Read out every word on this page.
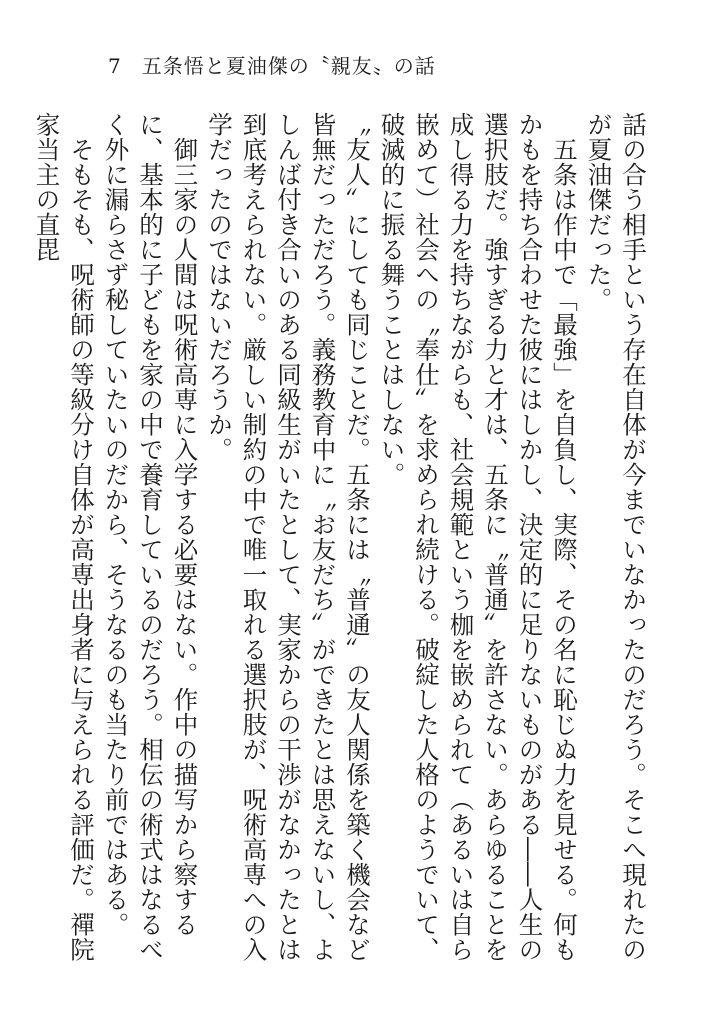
7 五条悟と夏油傑の〝親友〟の話

話の合う相手という存在自体が今までいなかったのだろう。そこへ現れたのが夏油傑だった。

五条は作中で「最強」を自負し、実際、その名に恥じぬ力を見せる。何もかもを持ち合わせた彼にはしかし、決定的に足りないものがある――人生の選択肢だ。強すぎる力と才は、五条に〝普通〟を許さない。あらゆることを成し得る力を持ちながらも、社会規範という枷を嵌められて（あるいは自ら嵌めて）社会への〝奉仕〟を求められ続ける。破綻した人格のようでいて、破滅的に振る舞うことはしない。

〝友人〟にしても同じことだ。五条には〝普通〟の友人関係を築く機会など皆無だっただろう。義務教育中に〝お友だち〟ができたとは思えないし、よしんば付き合いのある同級生がいたとして、実家からの干渉がなかったとは到底考えられない。厳しい制約の中で唯一取れる選択肢が、呪術高専への入学だったのではないだろうか。

御三家の人間は呪術高専に入学する必要はない。作中の描写から察するに、基本的に子どもを家の中で養育しているのだろう。相伝の術式はなるべく外に漏らさず秘していたいのだから、そうなるのも当たり前ではある。

そもそも、呪術師の等級分け自体が高専出身者に与えられる評価だ。禪院家当主の直毘
